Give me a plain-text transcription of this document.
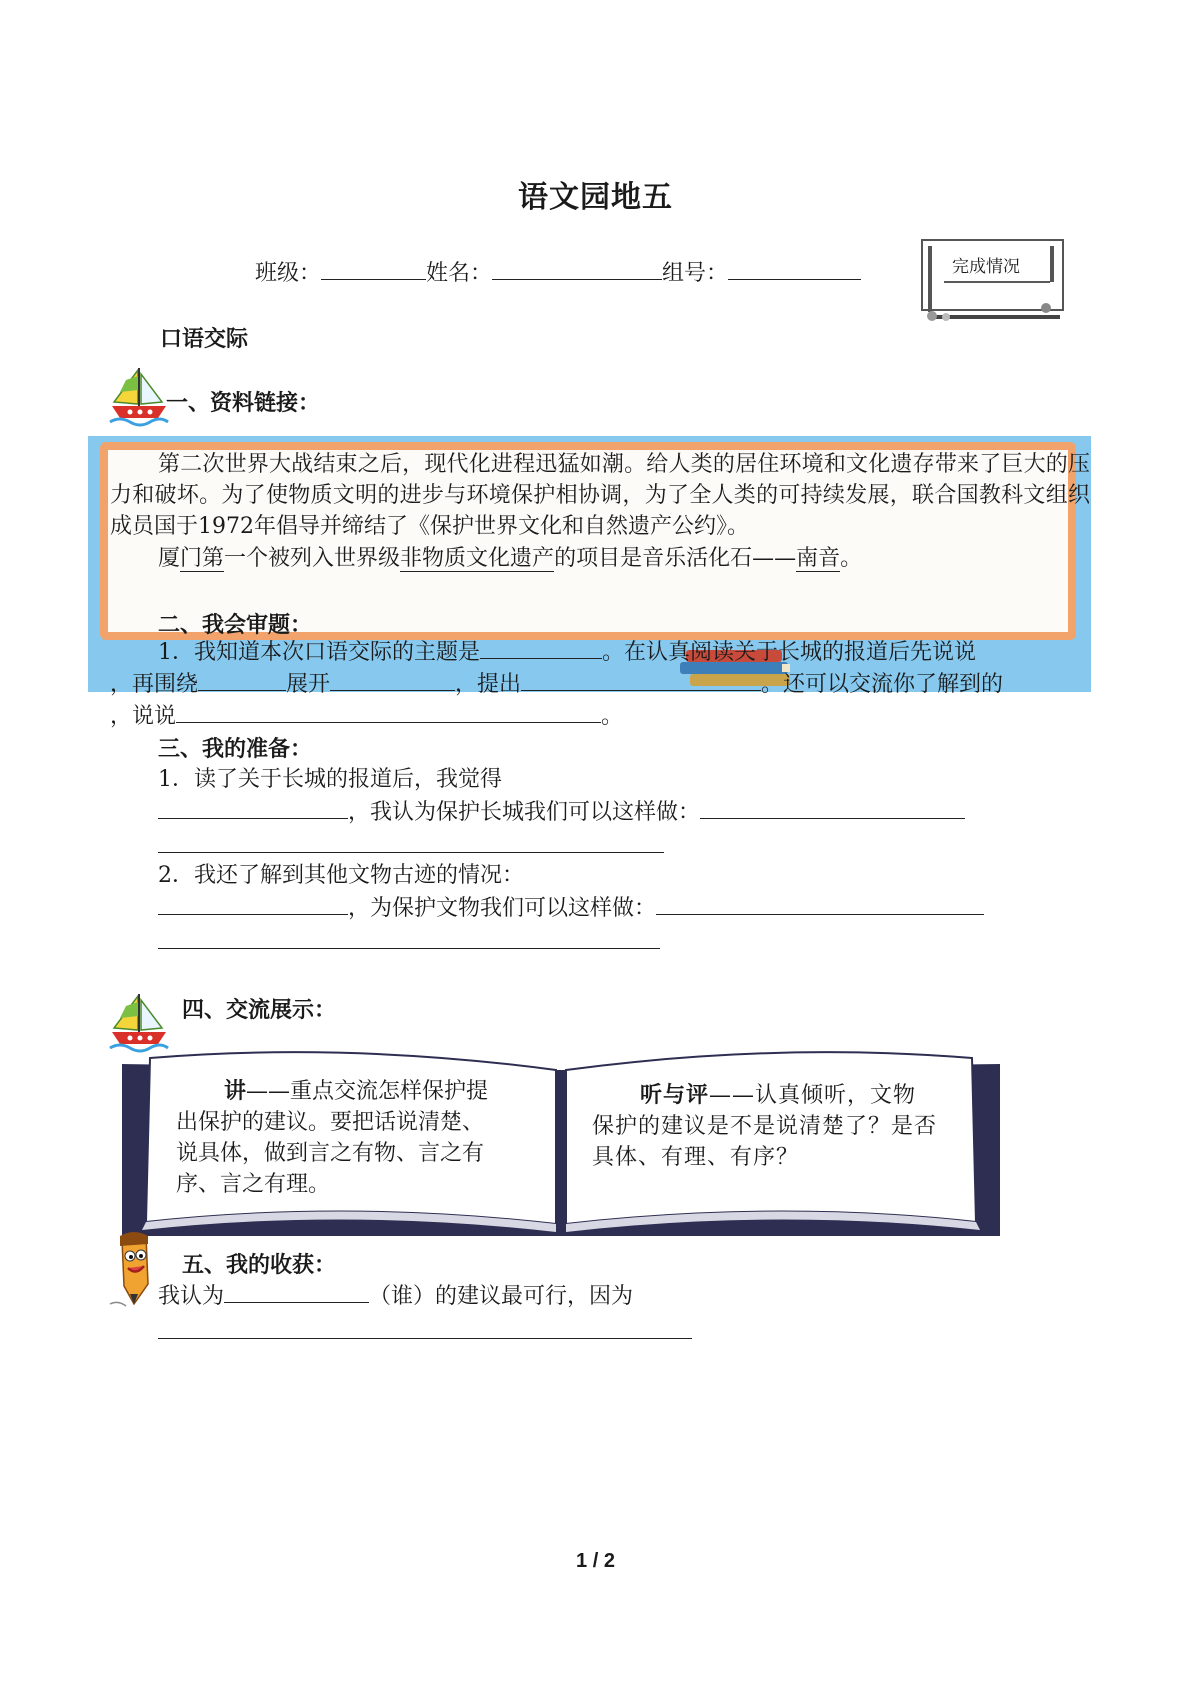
语文园地五
班级：	姓名：	组号：	完成情况
口语交际
一、资料链接：
第二次世界大战结束之后，现代化进程迅猛如潮。给人类的居住环境和文化遗存带来了巨大的压力和破坏。为了使物质文明的进步与环境保护相协调，为了全人类的可持续发展，联合国教科文组织成员国于1972年倡导并缔结了《保护世界文化和自然遗产公约》。
厦门第一个被列入世界级非物质文化遗产的项目是音乐活化石——南音。
二、我会审题：
1．我知道本次口语交际的主题是	。在认真阅读关于长城的报道后先说说
，再围绕	展开	，提出	。还可以交流你了解到的
，说说	。
三、我的准备：
1．读了关于长城的报道后，我觉得
，我认为保护长城我们可以这样做：
2．我还了解到其他文物古迹的情况：
，为保护文物我们可以这样做：
四、交流展示：
讲——重点交流怎样保护提出保护的建议。要把话说清楚、说具体，做到言之有物、言之有序、言之有理。
听与评——认真倾听，文物保护的建议是不是说清楚了？是否具体、有理、有序？
五、我的收获：
我认为	（谁）的建议最可行，因为
1 / 2
